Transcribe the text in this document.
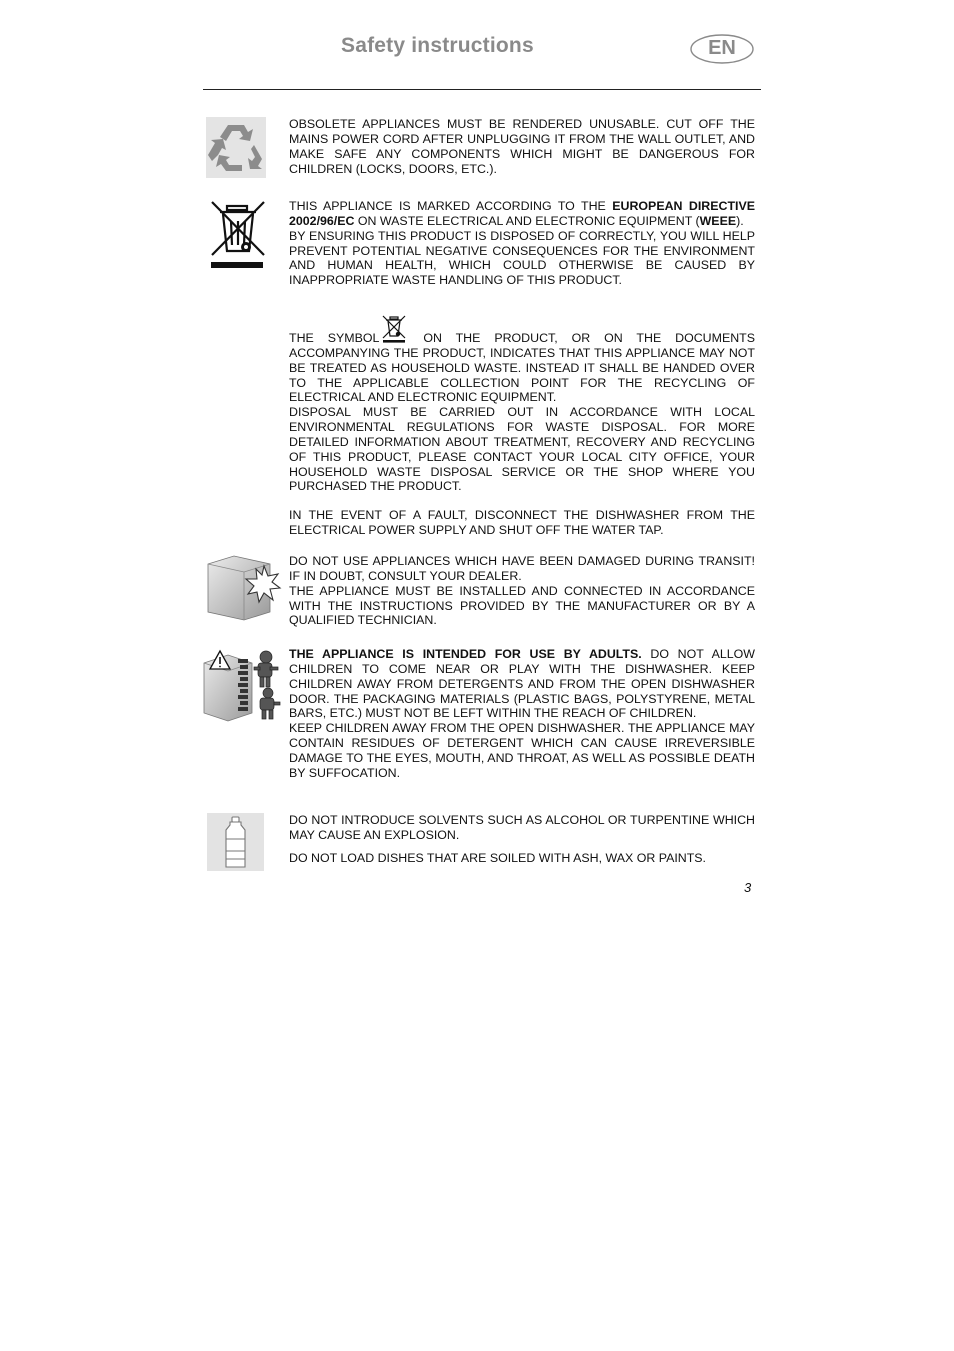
Safety instructions	EN

OBSOLETE APPLIANCES MUST BE RENDERED UNUSABLE. CUT OFF THE MAINS POWER CORD AFTER UNPLUGGING IT FROM THE WALL OUTLET, AND MAKE SAFE ANY COMPONENTS WHICH MIGHT BE DANGEROUS FOR CHILDREN (LOCKS, DOORS, ETC.).

THIS APPLIANCE IS MARKED ACCORDING TO THE EUROPEAN DIRECTIVE 2002/96/EC ON WASTE ELECTRICAL AND ELECTRONIC EQUIPMENT (WEEE).

BY ENSURING THIS PRODUCT IS DISPOSED OF CORRECTLY, YOU WILL HELP PREVENT POTENTIAL NEGATIVE CONSEQUENCES FOR THE ENVIRONMENT AND HUMAN HEALTH, WHICH COULD OTHERWISE BE CAUSED BY INAPPROPRIATE WASTE HANDLING OF THIS PRODUCT.

THE SYMBOL
ON THE PRODUCT, OR ON THE DOCUMENTS ACCOMPANYING THE PRODUCT, INDICATES THAT THIS APPLIANCE MAY NOT BE TREATED AS HOUSEHOLD WASTE. INSTEAD IT SHALL BE HANDED OVER TO THE APPLICABLE COLLECTION POINT FOR THE RECYCLING OF ELECTRICAL AND ELECTRONIC EQUIPMENT.

DISPOSAL MUST BE CARRIED OUT IN ACCORDANCE WITH LOCAL ENVIRONMENTAL REGULATIONS FOR WASTE DISPOSAL. FOR MORE DETAILED INFORMATION ABOUT TREATMENT, RECOVERY AND RECYCLING OF THIS PRODUCT, PLEASE CONTACT YOUR LOCAL CITY OFFICE, YOUR HOUSEHOLD WASTE DISPOSAL SERVICE OR THE SHOP WHERE YOU PURCHASED THE PRODUCT.

IN THE EVENT OF A FAULT, DISCONNECT THE DISHWASHER FROM THE ELECTRICAL POWER SUPPLY AND SHUT OFF THE WATER TAP.

DO NOT USE APPLIANCES WHICH HAVE BEEN DAMAGED DURING TRANSIT! IF IN DOUBT, CONSULT YOUR DEALER.

THE APPLIANCE MUST BE INSTALLED AND CONNECTED IN ACCORDANCE WITH THE INSTRUCTIONS PROVIDED BY THE MANUFACTURER OR BY A QUALIFIED TECHNICIAN.

THE APPLIANCE IS INTENDED FOR USE BY ADULTS. DO NOT ALLOW CHILDREN TO COME NEAR OR PLAY WITH THE DISHWASHER. KEEP CHILDREN AWAY FROM DETERGENTS AND FROM THE OPEN DISHWASHER DOOR. THE PACKAGING MATERIALS (PLASTIC BAGS, POLYSTYRENE, METAL BARS, ETC.) MUST NOT BE LEFT WITHIN THE REACH OF CHILDREN.

KEEP CHILDREN AWAY FROM THE OPEN DISHWASHER. THE APPLIANCE MAY CONTAIN RESIDUES OF DETERGENT WHICH CAN CAUSE IRREVERSIBLE DAMAGE TO THE EYES, MOUTH, AND THROAT, AS WELL AS POSSIBLE DEATH BY SUFFOCATION.

DO NOT INTRODUCE SOLVENTS SUCH AS ALCOHOL OR TURPENTINE WHICH MAY CAUSE AN EXPLOSION.

DO NOT LOAD DISHES THAT ARE SOILED WITH ASH, WAX OR PAINTS.

3
